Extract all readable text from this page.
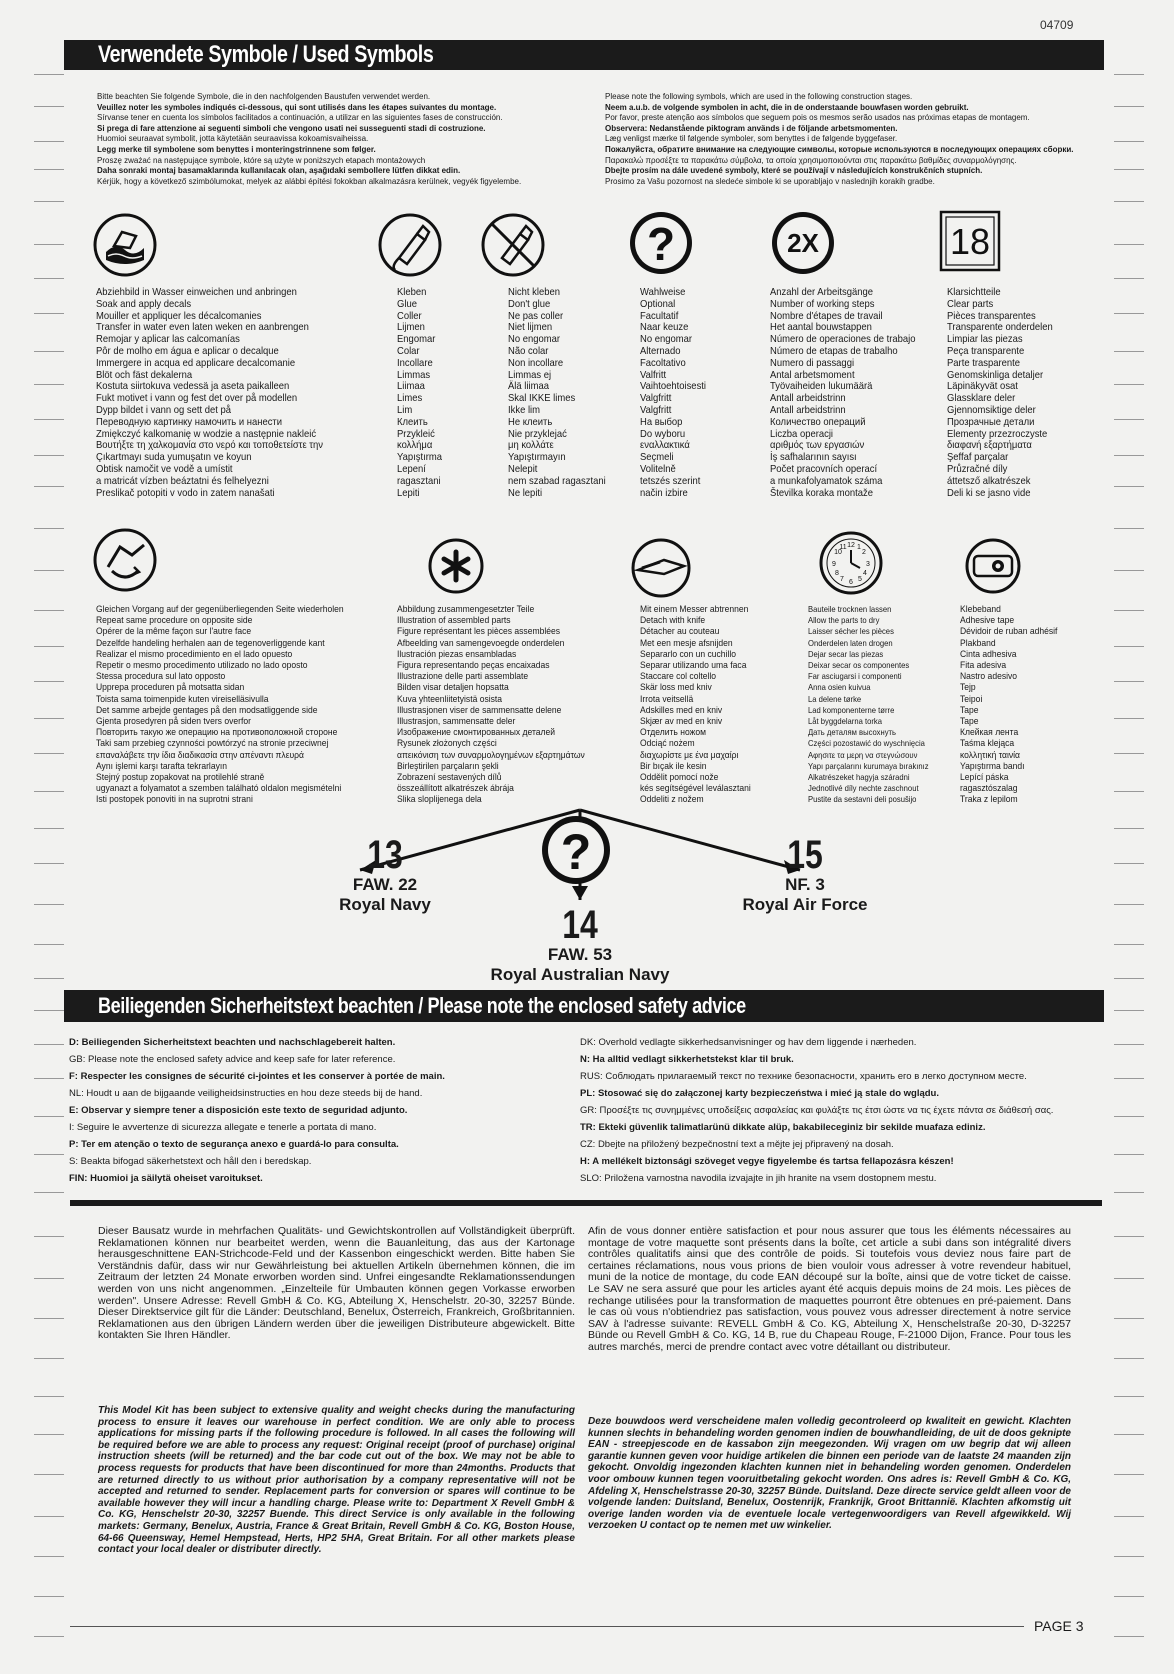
04709
Verwendete Symbole / Used Symbols
Bitte beachten Sie folgende Symbole, die in den nachfolgenden Baustufen verwendet werden.
Veuillez noter les symboles indiqués ci-dessous, qui sont utilisés dans les étapes suivantes du montage.
Sírvanse tener en cuenta los símbolos facilitados a continuación, a utilizar en las siguientes fases de construcción.
Si prega di fare attenzione ai seguenti simboli che vengono usati nei susseguenti stadi di costruzione.
Huomioi seuraavat symbolit, jotta käytetään seuraavissa kokoamisvaiheissa.
Legg merke til symbolene som benyttes i monteringstrinnene som følger.
Proszę zważać na następujące symbole, które są użyte w poniższych etapach montażowych
Daha sonraki montaj basamaklarında kullanılacak olan, aşağıdaki sembollere lütfen dikkat edin.
Kérjük, hogy a következő szimbólumokat, melyek az alábbi építési fokokban alkalmazásra kerülnek, vegyék figyelembe.
Please note the following symbols, which are used in the following construction stages.
Neem a.u.b. de volgende symbolen in acht, die in de onderstaande bouwfasen worden gebruikt.
Por favor, preste atenção aos símbolos que seguem pois os mesmos serão usados nas próximas etapas de montagem.
Observera: Nedanstående piktogram används i de följande arbetsmomenten.
Læg venligst mærke til følgende symboler, som benyttes i de følgende byggefaser.
Пожалуйста, обратите внимание на следующие символы, которые используются в последующих операциях сборки.
Παρακαλώ προσέξτε τα παρακάτω σύμβολα, τα οποία χρησιμοποιούνται στις παρακάτω βαθμίδες συναρμολόγησης.
Dbejte prosím na dále uvedené symboly, které se používají v následujících konstrukčních stupních.
Prosimo za Vašu pozornost na sledeće simbole ki se uporabljajo v naslednjih korakih gradbe.
?	2X	18
Abziehbild in Wasser einweichen und anbringen
Soak and apply decals
Mouiller et appliquer les décalcomanies
Transfer in water even laten weken en aanbrengen
Remojar y aplicar las calcomanías
Pôr de molho em água e aplicar o decalque
Immergere in acqua ed applicare decalcomanie
Blöt och fäst dekalerna
Kostuta siirtokuva vedessä ja aseta paikalleen
Fukt motivet i vann og fest det over på modellen
Dypp bildet i vann og sett det på
Переводную картинку намочить и нанести
Zmiękczyć kalkomanię w wodzie a następnie nakleić
Βουτήξτε τη χαλκομανία στο νερό και τοποθετείστε την
Çıkartmayı suda yumuşatın ve koyun
Obtisk namočit ve vodě a umístit
a matricát vízben beáztatni és felhelyezni
Preslikač potopiti v vodo in zatem nanašati
Kleben
Glue
Coller
Lijmen
Engomar
Colar
Incollare
Limmas
Liimaa
Limes
Lim
Клеить
Przykleić
κολλήμα
Yapıştırma
Lepení
ragasztani
Lepiti
Nicht kleben
Don't glue
Ne pas coller
Niet lijmen
No engomar
Não colar
Non incollare
Limmas ej
Älä liimaa
Skal IKKE limes
Ikke lim
Не клеить
Nie przyklejać
μη κολλάτε
Yapıştırmayın
Nelepit
nem szabad ragasztani
Ne lepiti
Wahlweise
Optional
Facultatif
Naar keuze
No engomar
Alternado
Facoltativo
Valfritt
Vaihtoehtoisesti
Valgfritt
Valgfritt
На выбор
Do wyboru
εναλλακτικά
Seçmeli
Volitelně
tetszés szerint
način izbire
Anzahl der Arbeitsgänge
Number of working steps
Nombre d'étapes de travail
Het aantal bouwstappen
Número de operaciones de trabajo
Número de etapas de trabalho
Numero di passaggi
Antal arbetsmoment
Työvaiheiden lukumäärä
Antall arbeidstrinn
Antall arbeidstrinn
Количество операций
Liczba operacji
αριθμός των εργασιών
İş safhalarının sayısı
Počet pracovních operací
a munkafolyamatok száma
Številka koraka montaže
Klarsichtteile
Clear parts
Pièces transparentes
Transparente onderdelen
Limpiar las piezas
Peça transparente
Parte trasparente
Genomskinliga detaljer
Läpinäkyvät osat
Glassklare deler
Gjennomsiktige deler
Прозрачные детали
Elementy przezroczyste
διαφανή εξαρτήματα
Şeffaf parçalar
Průzračné díly
áttetsző alkatrészek
Deli ki se jasno vide
12
3
6
9
2
1
4
5
7
8
10
11
Gleichen Vorgang auf der gegenüberliegenden Seite wiederholen
Repeat same procedure on opposite side
Opérer de la même façon sur l'autre face
Dezelfde handeling herhalen aan de tegenoverliggende kant
Realizar el mismo procedimiento en el lado opuesto
Repetir o mesmo procedimento utilizado no lado oposto
Stessa procedura sul lato opposto
Upprepa proceduren på motsatta sidan
Toista sama toimenpide kuten vireiselläsivulla
Det samme arbejde gentages på den modsatliggende side
Gjenta prosedyren på siden tvers overfor
Повторить такую же операцию на противоположной стороне
Taki sam przebieg czynności powtórzyć na stronie przeciwnej
επαναλάβετε την ίδια διαδικασία στην απέναντι πλευρά
Aynı işlemi karşı tarafta tekrarlayın
Stejný postup zopakovat na protilehlé straně
ugyanazt a folyamatot a szemben található oldalon megismételni
Isti postopek ponoviti in na suprotni strani
Abbildung zusammengesetzter Teile
Illustration of assembled parts
Figure représentant les pièces assemblées
Afbeelding van samengevoegde onderdelen
Ilustración piezas ensambladas
Figura representando peças encaixadas
Illustrazione delle parti assemblate
Bilden visar detaljen hopsatta
Kuva yhteenliitetyistä osista
Illustrasjonen viser de sammensatte delene
Illustrasjon, sammensatte deler
Изображение смонтированных деталей
Rysunek złożonych części
απεικόνιση των συναρμολογημένων εξαρτημάτων
Birleştirilen parçaların şekli
Zobrazení sestavených dílů
összeállított alkatrészek ábrája
Slika sloplijenega dela
Mit einem Messer abtrennen
Detach with knife
Détacher au couteau
Met een mesje afsnijden
Separarlo con un cuchillo
Separar utilizando uma faca
Staccare col coltello
Skär loss med kniv
Irrota veitsellä
Adskilles med en kniv
Skjær av med en kniv
Отделить ножом
Odciąć nożem
διαχωρίστε με ένα μαχαίρι
Bir bıçak ile kesin
Oddělit pomocí nože
kés segítségével leválasztani
Oddeliti z nožem
Bauteile trocknen lassen
Allow the parts to dry
Laisser sécher les pièces
Onderdelen laten drogen
Dejar secar las piezas
Deixar secar os componentes
Far asciugarsi i componenti
Anna osien kuivua
La delene tørke
Lad komponenterne tørre
Låt byggdelarna torka
Дать деталям высохнуть
Części pozostawić do wyschnięcia
Αφησιτε τα μερη να στεγνώσουν
Yapı parçalarını kurumaya bırakınız
Alkatrészeket hagyja száradni
Jednotlivé díly nechte zaschnout
Pustite da sestavni deli posušijo
Klebeband
Adhesive tape
Dévidoir de ruban adhésif
Plakband
Cinta adhesiva
Fita adesiva
Nastro adesivo
Tejp
Teipoi
Tape
Tape
Клейкая лента
Taśma klejąca
κολλητική ταινία
Yapıştırma bandı
Lepící páska
ragasztószalag
Traka z lepilom
?
13
FAW. 22
Royal Navy	14
FAW. 53
Royal Australian Navy
15
NF. 3
Royal Air Force
Beiliegenden Sicherheitstext beachten / Please note the enclosed safety advice
D: Beiliegenden Sicherheitstext beachten und nachschlagebereit halten.
GB: Please note the enclosed safety advice and keep safe for later reference.
F: Respecter les consignes de sécurité ci-jointes et les conserver à portée de main.
NL: Houdt u aan de bijgaande veiligheidsinstructies en hou deze steeds bij de hand.
E: Observar y siempre tener a disposición este texto de seguridad adjunto.
I: Seguire le avvertenze di sicurezza allegate e tenerle a portata di mano.
P: Ter em atenção o texto de segurança anexo e guardá-lo para consulta.
S: Beakta bifogad säkerhetstext och håll den i beredskap.
FIN: Huomioi ja säilytä oheiset varoitukset.
DK: Overhold vedlagte sikkerhedsanvisninger og hav dem liggende i nærheden.
N: Ha alltid vedlagt sikkerhetstekst klar til bruk.
RUS: Соблюдать прилагаемый текст по технике безопасности, хранить его в легко доступном месте.
PL: Stosować się do załączonej karty bezpieczeństwa i mieć ją stale do wglądu.
GR: Προσέξτε τις συνημμένες υποδείξεις ασφαλείας και φυλάξτε τις έτσι ώστε να τις έχετε πάντα σε διάθεσή σας.
TR: Ekteki güvenlik talimatlarünü dikkate alüp, bakabileceginiz bir sekilde muafaza ediniz.
CZ: Dbejte na přiložený bezpečnostní text a mějte jej připravený na dosah.
H: A mellékelt biztonsági szöveget vegye figyelembe és tartsa fellapozásra készen!
SLO: Priložena varnostna navodila izvajajte in jih hranite na vsem dostopnem mestu.
Dieser Bausatz wurde in mehrfachen Qualitäts- und Gewichtskontrollen auf Vollständigkeit überprüft. Reklamationen können nur bearbeitet werden, wenn die Bauanleitung, das aus der Kartonage herausgeschnittene EAN-Strichcode-Feld und der Kassenbon eingeschickt werden. Bitte haben Sie Verständnis dafür, dass wir nur Gewährleistung bei aktuellen Artikeln übernehmen können, die im Zeitraum der letzten 24 Monate erworben worden sind. Unfrei eingesandte Reklamationssendungen werden von uns nicht angenommen. „Einzelteile für Umbauten können gegen Vorkasse erworben werden". Unsere Adresse: Revell GmbH & Co. KG, Abteilung X, Henschelstr. 20-30, 32257 Bünde. Dieser Direktservice gilt für die Länder: Deutschland, Benelux, Österreich, Frankreich, Großbritannien. Reklamationen aus den übrigen Ländern werden über die jeweiligen Distributeure abgewickelt. Bitte kontakten Sie Ihren Händler.
This Model Kit has been subject to extensive quality and weight checks during the manufacturing process to ensure it leaves our warehouse in perfect condition. We are only able to process applications for missing parts if the following procedure is followed. In all cases the following will be required before we are able to process any request: Original receipt (proof of purchase) original instruction sheets (will be returned) and the bar code cut out of the box. We may not be able to process requests for products that have been discontinued for more than 24months. Products that are returned directly to us without prior authorisation by a company representative will not be accepted and returned to sender. Replacement parts for conversion or spares will continue to be available however they will incur a handling charge. Please write to: Department X Revell GmbH & Co. KG, Henschelstr 20-30, 32257 Buende. This direct Service is only available in the following markets: Germany, Benelux, Austria, France & Great Britain, Revell GmbH & Co. KG, Boston House, 64-66 Queensway, Hemel Hempstead, Herts, HP2 5HA, Great Britain. For all other markets please contact your local dealer or distributer directly.
Afin de vous donner entière satisfaction et pour nous assurer que tous les éléments nécessaires au montage de votre maquette sont présents dans la boîte, cet article a subi dans son intégralité divers contrôles qualitatifs ainsi que des contrôle de poids. Si toutefois vous deviez nous faire part de certaines réclamations, nous vous prions de bien vouloir vous adresser à votre revendeur habituel, muni de la notice de montage, du code EAN découpé sur la boîte, ainsi que de votre ticket de caisse. Le SAV ne sera assuré que pour les articles ayant été acquis depuis moins de 24 mois. Les pièces de rechange utilisées pour la transformation de maquettes pourront être obtenues en pré-paiement. Dans le cas où vous n'obtiendriez pas satisfaction, vous pouvez vous adresser directement à notre service SAV à l'adresse suivante: REVELL GmbH & Co. KG, Abteilung X, Henschelstraße 20-30, D-32257 Bünde ou Revell GmbH & Co. KG, 14 B, rue du Chapeau Rouge, F-21000 Dijon, France. Pour tous les autres marchés, merci de prendre contact avec votre détaillant ou distributeur.
Deze bouwdoos werd verscheidene malen volledig gecontroleerd op kwaliteit en gewicht. Klachten kunnen slechts in behandeling worden genomen indien de bouwhandleiding, de uit de doos geknipte EAN - streepjescode en de kassabon zijn meegezonden. Wij vragen om uw begrip dat wij alleen garantie kunnen geven voor huidige artikelen die binnen een periode van de laatste 24 maanden zijn gekocht. Onvoldig ingezonden klachten kunnen niet in behandeling worden genomen. Onderdelen voor ombouw kunnen tegen vooruitbetaling gekocht worden. Ons adres is: Revell GmbH & Co. KG, Afdeling X, Henschelstrasse 20-30, 32257 Bünde. Duitsland. Deze directe service geldt alleen voor de volgende landen: Duitsland, Benelux, Oostenrijk, Frankrijk, Groot Brittannië. Klachten afkomstig uit overige landen worden via de eventuele locale vertegenwoordigers van Revell afgewikkeld. Wij verzoeken U contact op te nemen met uw winkelier.
PAGE 3
